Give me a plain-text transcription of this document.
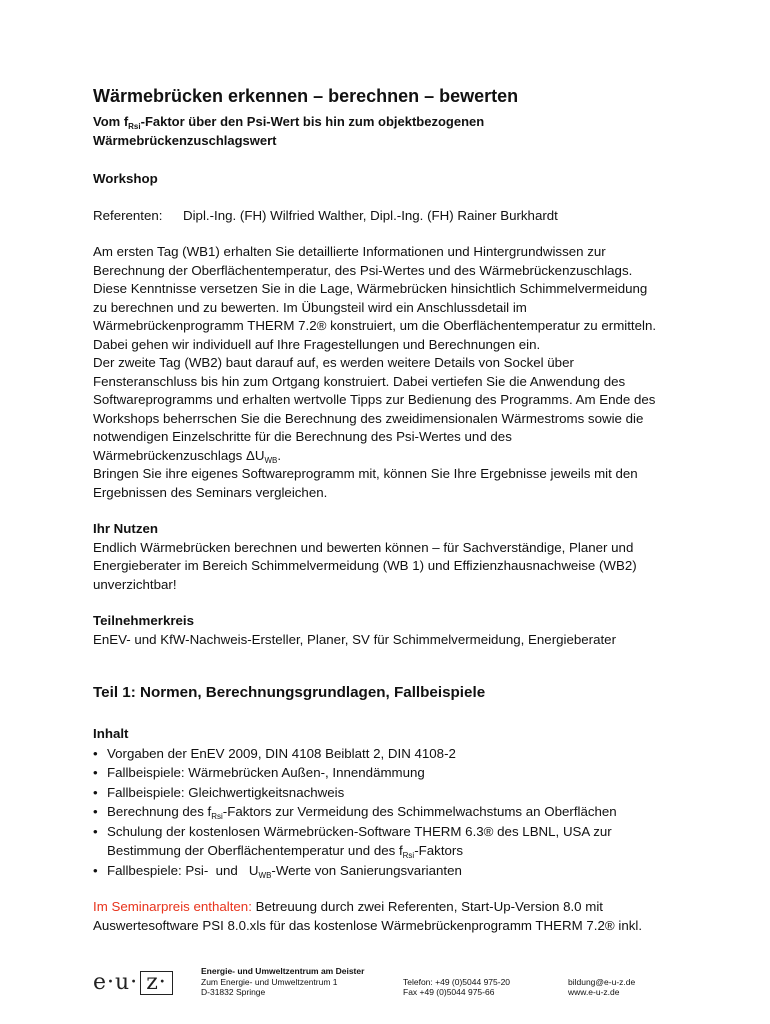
Wärmebrücken erkennen – berechnen – bewerten
Vom $f_{Rsi}$-Faktor über den Psi-Wert bis hin zum objektbezogenen
Wärmebrückenzuschlagswert
Workshop
Referenten: Dipl.-Ing. (FH) Wilfried Walther, Dipl.-Ing. (FH) Rainer Burkhardt
Am ersten Tag (WB1) erhalten Sie detaillierte Informationen und Hintergrundwissen zur
Berechnung der Oberflächentemperatur, des Psi-Wertes und des Wärmebrückenzuschlags.
Diese Kenntnisse versetzen Sie in die Lage, Wärmebrücken hinsichtlich Schimmelvermeidung
zu berechnen und zu bewerten. Im Übungsteil wird ein Anschlussdetail im
Wärmebrückenprogramm THERM 7.2® konstruiert, um die Oberflächentemperatur zu ermitteln.
Dabei gehen wir individuell auf Ihre Fragestellungen und Berechnungen ein.
Der zweite Tag (WB2) baut darauf auf, es werden weitere Details von Sockel über
Fensteranschluss bis hin zum Ortgang konstruiert. Dabei vertiefen Sie die Anwendung des
Softwareprogramms und erhalten wertvolle Tipps zur Bedienung des Programms. Am Ende des
Workshops beherrschen Sie die Berechnung des zweidimensionalen Wärmestroms sowie die
notwendigen Einzelschritte für die Berechnung des Psi-Wertes und des
Wärmebrückenzuschlags $\Delta U_{WB}$.
Bringen Sie ihre eigenes Softwareprogramm mit, können Sie Ihre Ergebnisse jeweils mit den
Ergebnissen des Seminars vergleichen.
Ihr Nutzen
Endlich Wärmebrücken berechnen und bewerten können – für Sachverständige, Planer und
Energieberater im Bereich Schimmelvermeidung (WB 1) und Effizienzhausnachweise (WB2)
unverzichtbar!
Teilnehmerkreis
EnEV- und KfW-Nachweis-Ersteller, Planer, SV für Schimmelvermeidung, Energieberater
Teil 1: Normen, Berechnungsgrundlagen, Fallbeispiele
Inhalt
• Vorgaben der EnEV 2009, DIN 4108 Beiblatt 2, DIN 4108-2
• Fallbeispiele: Wärmebrücken Außen-, Innendämmung
• Fallbeispiele: Gleichwertigkeitsnachweis
• Berechnung des $f_{Rsi}$-Faktors zur Vermeidung des Schimmelwachstums an Oberflächen
• Schulung der kostenlosen Wärmebrücken-Software THERM 6.3® des LBNL, USA zur
Bestimmung der Oberflächentemperatur und des $f_{Rsi}$-Faktors
• Fallbespiele: Psi-  und   $U_{WB}$-Werte von Sanierungsvarianten
Im Seminarpreis enthalten: Betreuung durch zwei Referenten, Start-Up-Version 8.0 mit
Auswertesoftware PSI 8.0.xls für das kostenlose Wärmebrückenprogramm THERM 7.2® inkl.
e·u· z·	Energie- und Umweltzentrum am Deister
Zum Energie- und Umweltzentrum 1
D-31832 Springe
Telefon: +49 (0)5044 975-20
Fax +49 (0)5044 975-66
bildung@e-u-z.de
www.e-u-z.de
